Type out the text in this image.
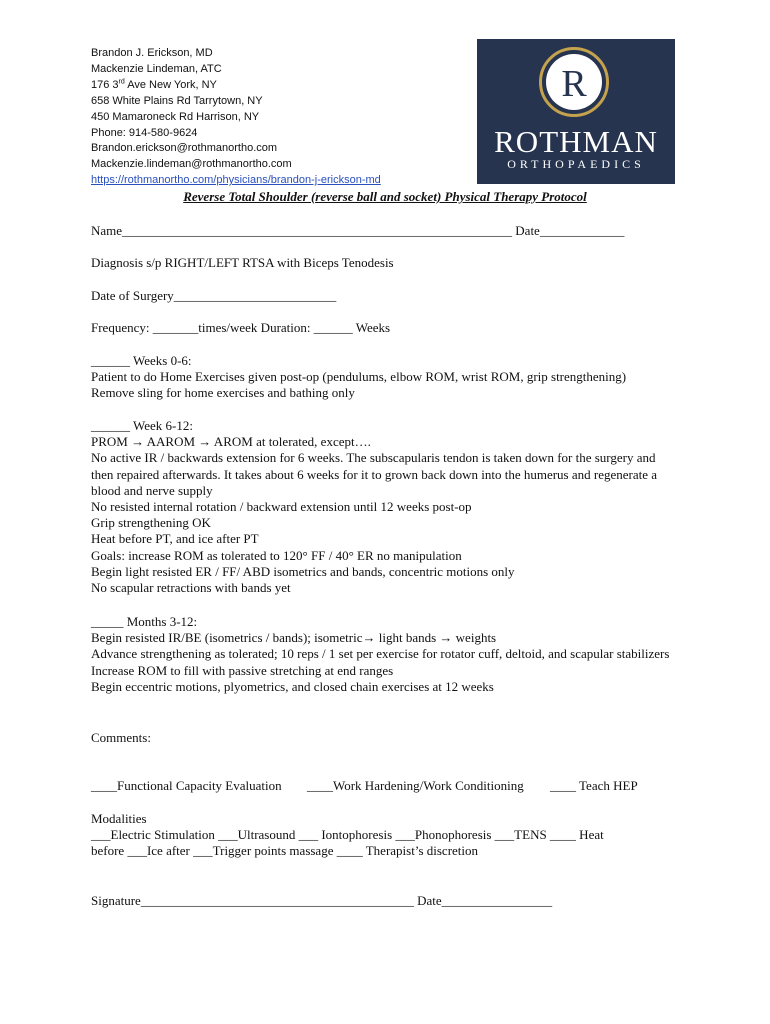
Brandon J. Erickson, MD
Mackenzie Lindeman, ATC
176 3rd Ave New York, NY
658 White Plains Rd Tarrytown, NY
450 Mamaroneck Rd Harrison, NY
Phone: 914-580-9624
Brandon.erickson@rothmanortho.com
Mackenzie.lindeman@rothmanortho.com
https://rothmanortho.com/physicians/brandon-j-erickson-md
R
ROTHMAN
ORTHOPAEDICS
Reverse Total Shoulder (reverse ball and socket) Physical Therapy Protocol
Name____________________________________________________________ Date_____________
Diagnosis s/p RIGHT/LEFT RTSA with Biceps Tenodesis
Date of Surgery_________________________
Frequency: _______times/week Duration: ______ Weeks
______ Weeks 0-6:
Patient to do Home Exercises given post-op (pendulums, elbow ROM, wrist ROM, grip strengthening)
Remove sling for home exercises and bathing only
______ Week 6-12:
PROM → AAROM → AROM at tolerated, except….
No active IR / backwards extension for 6 weeks. The subscapularis tendon is taken down for the surgery and then repaired afterwards. It takes about 6 weeks for it to grown back down into the humerus and regenerate a blood and nerve supply
No resisted internal rotation / backward extension until 12 weeks post-op
Grip strengthening OK
Heat before PT, and ice after PT
Goals: increase ROM as tolerated to 120° FF / 40° ER no manipulation
Begin light resisted ER / FF/ ABD isometrics and bands, concentric motions only
No scapular retractions with bands yet
_____ Months 3-12:
Begin resisted IR/BE (isometrics / bands); isometric→ light bands → weights
Advance strengthening as tolerated; 10 reps / 1 set per exercise for rotator cuff, deltoid, and scapular stabilizers
Increase ROM to fill with passive stretching at end ranges
Begin eccentric motions, plyometrics, and closed chain exercises at 12 weeks
Comments:
____Functional Capacity Evaluation ____Work Hardening/Work Conditioning ____ Teach HEP
Modalities
___Electric Stimulation ___Ultrasound ___ Iontophoresis ___Phonophoresis ___TENS ____ Heat
before ___Ice after ___Trigger points massage ____ Therapist’s discretion
Signature__________________________________________ Date_________________
